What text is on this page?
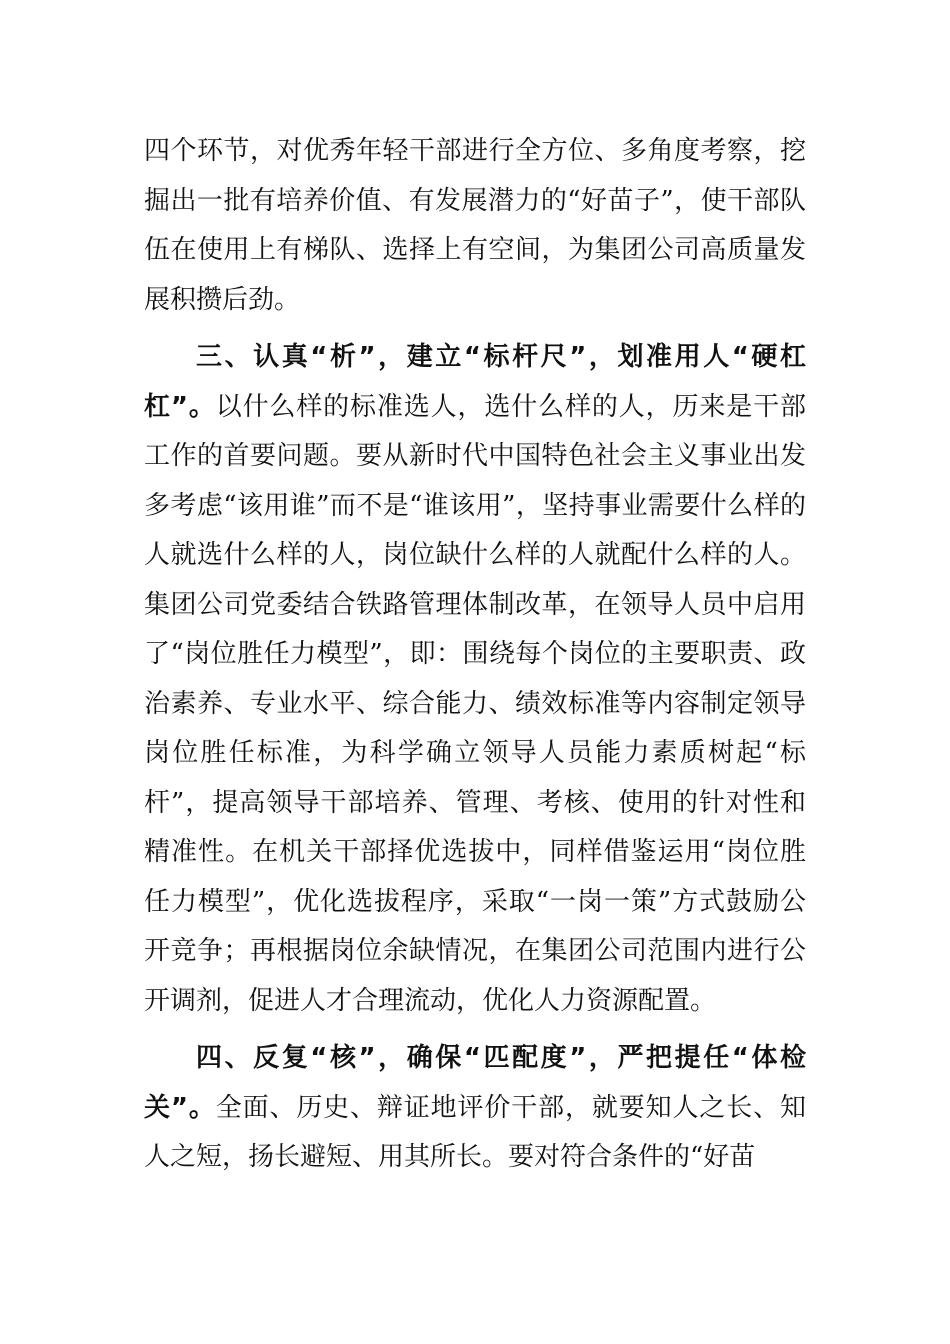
四个环节，对优秀年轻干部进行全方位、多角度考察，挖掘出一批有培养价值、有发展潜力的“好苗子”，使干部队伍在使用上有梯队、选择上有空间，为集团公司高质量发展积攒后劲。

三、认真“析”，建立“标杆尺”，划准用人“硬杠杠”。以什么样的标准选人，选什么样的人，历来是干部工作的首要问题。要从新时代中国特色社会主义事业出发多考虑“该用谁”而不是“谁该用”，坚持事业需要什么样的人就选什么样的人，岗位缺什么样的人就配什么样的人。集团公司党委结合铁路管理体制改革，在领导人员中启用了“岗位胜任力模型”，即：围绕每个岗位的主要职责、政治素养、专业水平、综合能力、绩效标准等内容制定领导岗位胜任标准，为科学确立领导人员能力素质树起“标杆”，提高领导干部培养、管理、考核、使用的针对性和精准性。在机关干部择优选拔中，同样借鉴运用“岗位胜任力模型”，优化选拔程序，采取“一岗一策”方式鼓励公开竞争；再根据岗位余缺情况，在集团公司范围内进行公开调剂，促进人才合理流动，优化人力资源配置。

四、反复“核”，确保“匹配度”，严把提任“体检关”。全面、历史、辩证地评价干部，就要知人之长、知人之短，扬长避短、用其所长。要对符合条件的“好苗
